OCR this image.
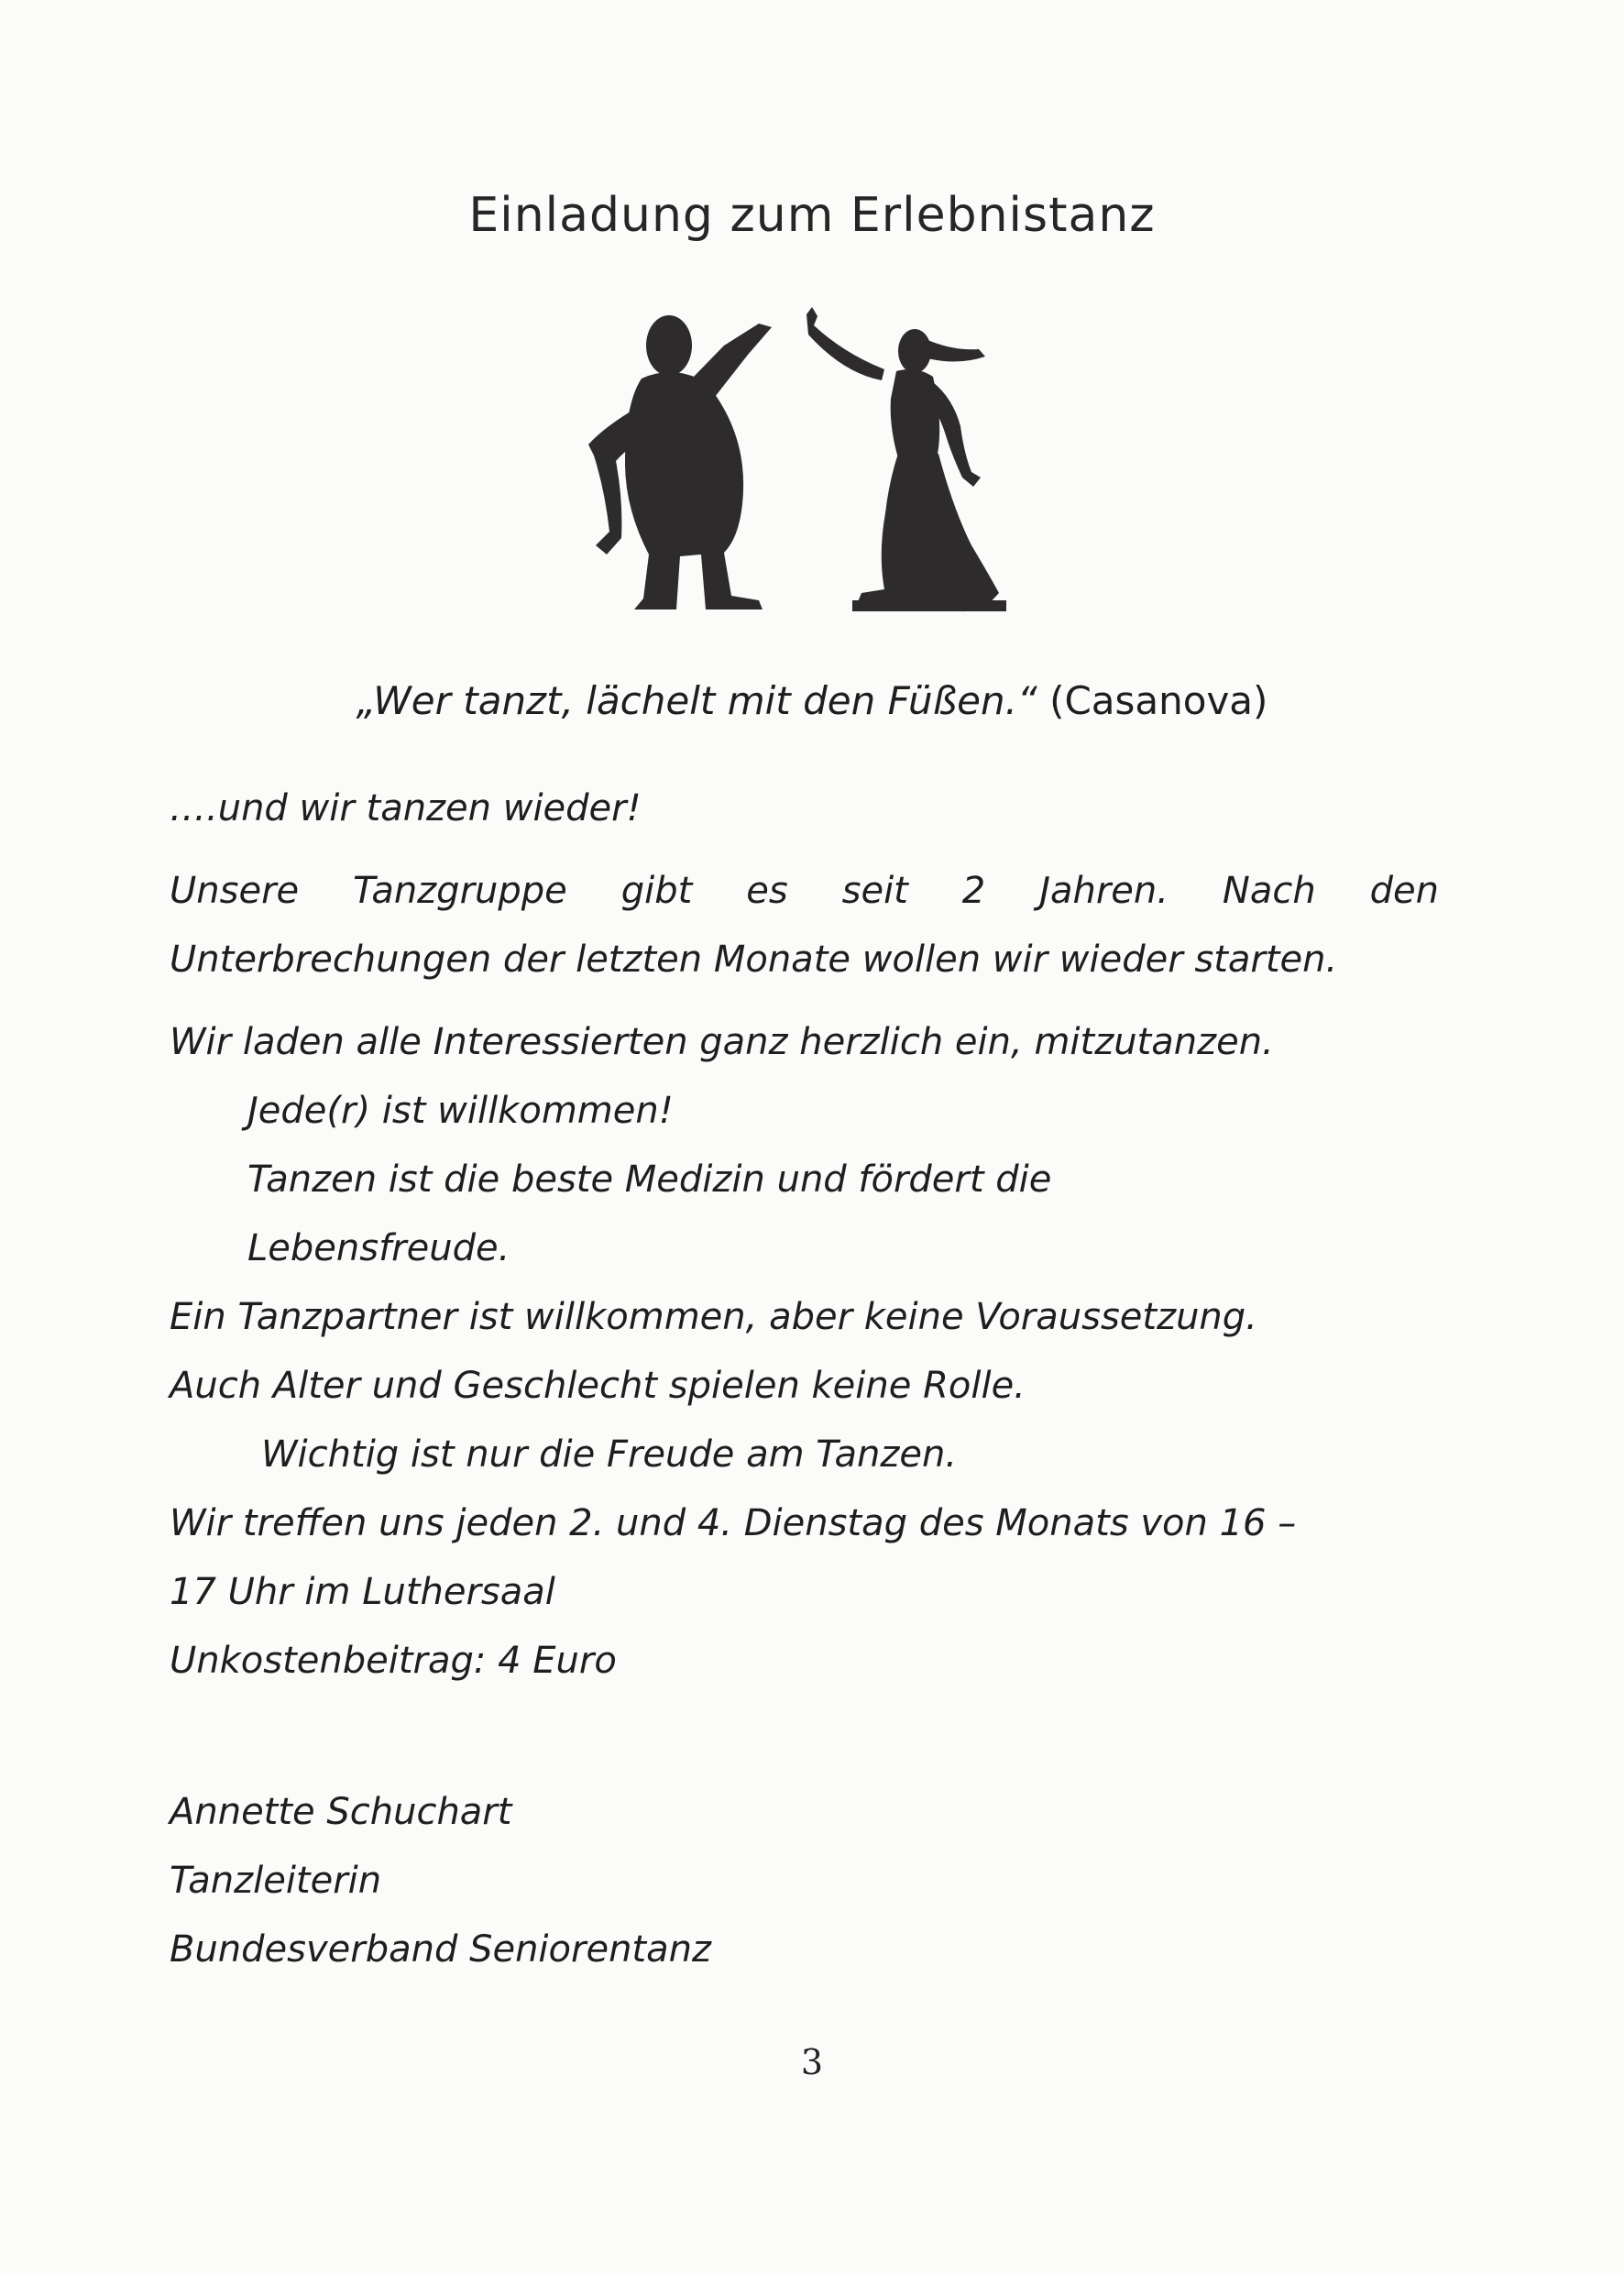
Einladung zum Erlebnistanz
„Wer tanzt, lächelt mit den Füßen.“ (Casanova)

….und wir tanzen wieder!

Unsere Tanzgruppe gibt es seit 2 Jahren. Nach den

Unterbrechungen der letzten Monate wollen wir wieder starten.

Wir laden alle Interessierten ganz herzlich ein, mitzutanzen.

Jede(r) ist willkommen!

Tanzen ist die beste Medizin und fördert die

Lebensfreude.

Ein Tanzpartner ist willkommen, aber keine Voraussetzung.

Auch Alter und Geschlecht spielen keine Rolle.

Wichtig ist nur die Freude am Tanzen.

Wir treffen uns jeden 2. und 4. Dienstag des Monats von 16 –

17 Uhr im Luthersaal

Unkostenbeitrag: 4 Euro

Annette Schuchart

Tanzleiterin

Bundesverband Seniorentanz

3
